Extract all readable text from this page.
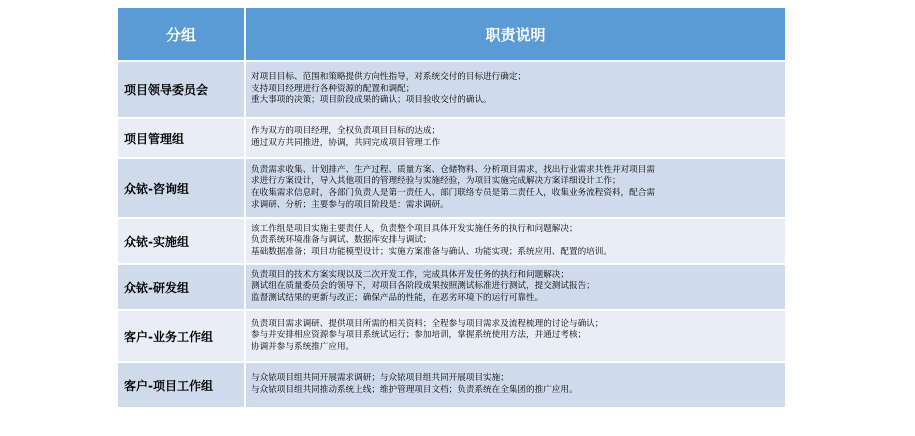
分组	职责说明
项目领导委员会	对项目目标、范围和策略提供方向性指导，对系统交付的目标进行确定；
支持项目经理进行各种资源的配置和调配；
重大事项的决策；项目阶段成果的确认；项目验收交付的确认。

项目管理组	作为双方的项目经理，全权负责项目目标的达成；
通过双方共同推进，协调，共同完成项目管理工作

众铱-咨询组	负责需求收集、计划排产、生产过程、质量方案、仓储物料、分析项目需求，找出行业需求共性并对项目需
求进行方案设计，导入其他项目的管理经验与实施经验，为项目实施完成解决方案详细设计工作；
在收集需求信息时，各部门负责人是第一责任人、部门联络专员是第二责任人，收集业务流程资料，配合需
求调研、分析；主要参与的项目阶段是：需求调研。

众铱-实施组	该工作组是项目实施主要责任人，负责整个项目具体开发实施任务的执行和问题解决；
负责系统环境准备与调试、数据库安排与调试；
基础数据准备；项目功能模型设计；实施方案准备与确认、功能实现；系统应用、配置的培训。

众铱-研发组	负责项目的技术方案实现以及二次开发工作，完成具体开发任务的执行和问题解决；
测试组在质量委员会的领导下，对项目各阶段成果按照测试标准进行测试，提交测试报告；
监督测试结果的更新与改正；确保产品的性能，在恶劣环境下的运行可靠性。

客户-业务工作组	负责项目需求调研、提供项目所需的相关资料；全程参与项目需求及流程梳理的讨论与确认；
参与并安排相应资源参与项目系统试运行；参加培训，掌握系统使用方法，并通过考核；
协调并参与系统推广应用。

客户-项目工作组	与众铱项目组共同开展需求调研；与众铱项目组共同开展项目实施；
与众铱项目组共同推动系统上线；维护管理项目文档；负责系统在全集团的推广应用。
